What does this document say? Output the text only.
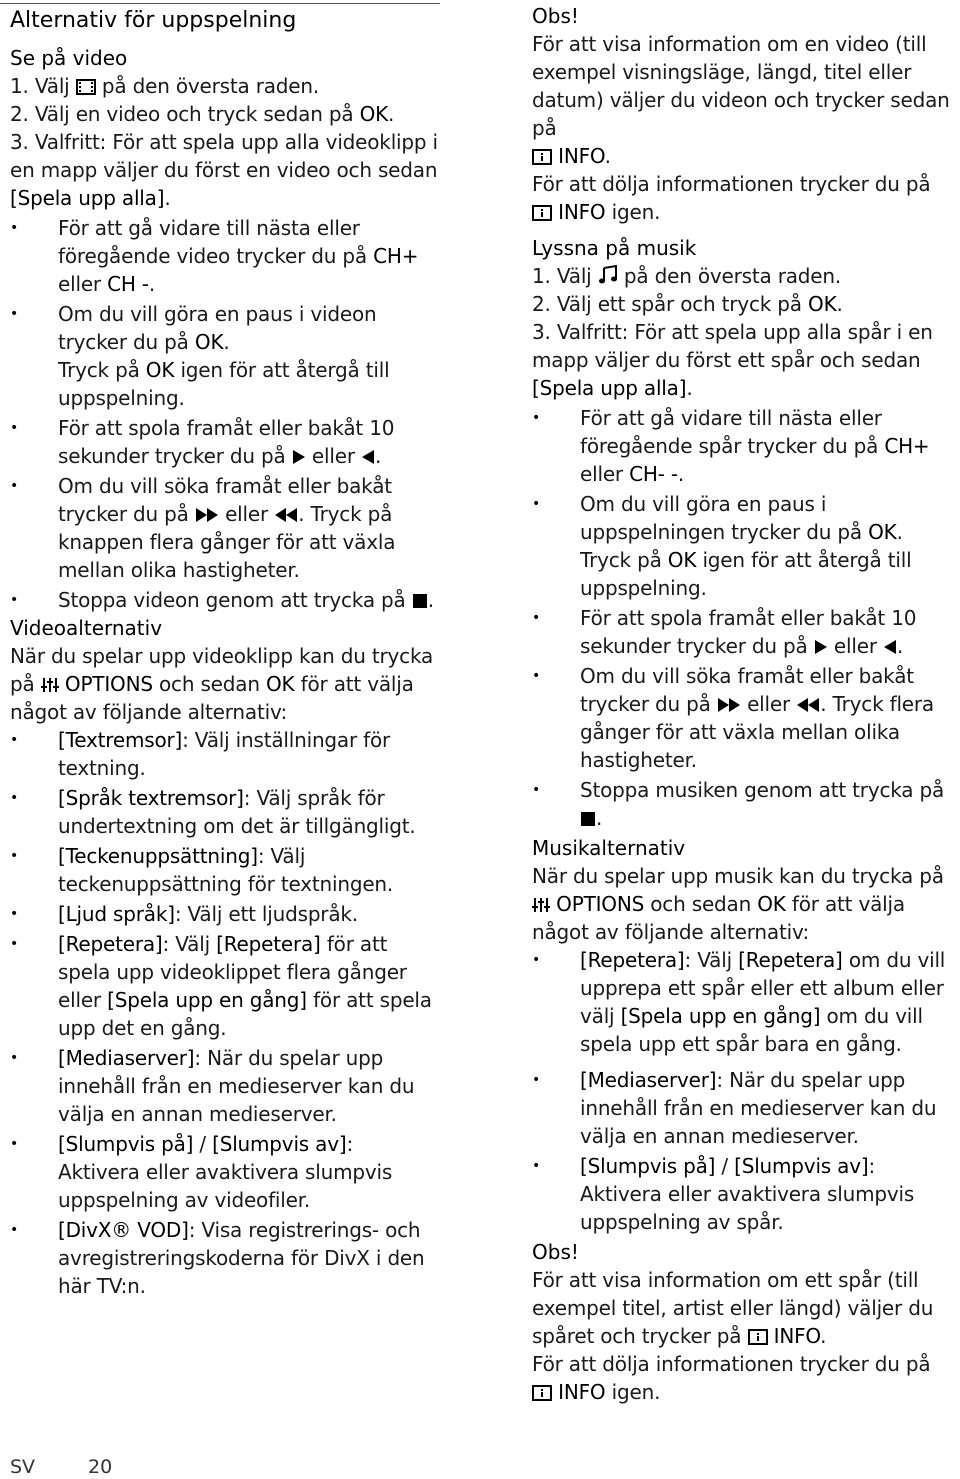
Alternativ för uppspelning
Se på video
1. Välj på den översta raden.
2. Välj en video och tryck sedan på OK.
3. Valfritt: För att spela upp alla videoklipp i en mapp väljer du först en video och sedan [Spela upp alla].
• För att gå vidare till nästa eller föregående video trycker du på CH+ eller CH -.
• Om du vill göra en paus i videon trycker du på OK.
Tryck på OK igen för att återgå till uppspelning.
• För att spola framåt eller bakåt 10 sekunder trycker du på eller .
• Om du vill söka framåt eller bakåt trycker du på eller . Tryck på knappen flera gånger för att växla mellan olika hastigheter.
• Stoppa videon genom att trycka på .
Videoalternativ
När du spelar upp videoklipp kan du trycka på OPTIONS och sedan OK för att välja något av följande alternativ:
• [Textremsor]: Välj inställningar för textning.
• [Språk textremsor]: Välj språk för undertextning om det är tillgängligt.
• [Teckenuppsättning]: Välj teckenuppsättning för textningen.
• [Ljud språk]: Välj ett ljudspråk.
• [Repetera]: Välj [Repetera] för att spela upp videoklippet flera gånger eller [Spela upp en gång] för att spela upp det en gång.
• [Mediaserver]: När du spelar upp innehåll från en medieserver kan du välja en annan medieserver.
• [Slumpvis på] / [Slumpvis av]: Aktivera eller avaktivera slumpvis uppspelning av videofiler.
• [DivX® VOD]: Visa registrerings- och avregistreringskoderna för DivX i den här TV:n.
Obs!
För att visa information om en video (till exempel visningsläge, längd, titel eller datum) väljer du videon och trycker sedan på
INFO.
För att dölja informationen trycker du på
INFO igen.
Lyssna på musik
1. Välj på den översta raden.
2. Välj ett spår och tryck på OK.
3. Valfritt: För att spela upp alla spår i en mapp väljer du först ett spår och sedan [Spela upp alla].
• För att gå vidare till nästa eller föregående spår trycker du på CH+ eller CH- -.
• Om du vill göra en paus i uppspelningen trycker du på OK.
Tryck på OK igen för att återgå till uppspelning.
• För att spola framåt eller bakåt 10 sekunder trycker du på eller .
• Om du vill söka framåt eller bakåt trycker du på eller . Tryck flera gånger för att växla mellan olika hastigheter.
• Stoppa musiken genom att trycka på .
Musikalternativ
När du spelar upp musik kan du trycka på
OPTIONS och sedan OK för att välja något av följande alternativ:
• [Repetera]: Välj [Repetera] om du vill upprepa ett spår eller ett album eller välj [Spela upp en gång] om du vill spela upp ett spår bara en gång.
• [Mediaserver]: När du spelar upp innehåll från en medieserver kan du välja en annan medieserver.
• [Slumpvis på] / [Slumpvis av]: Aktivera eller avaktivera slumpvis uppspelning av spår.
Obs!
För att visa information om ett spår (till exempel titel, artist eller längd) väljer du spåret och trycker på INFO.
För att dölja informationen trycker du på
INFO igen.
SV	20
